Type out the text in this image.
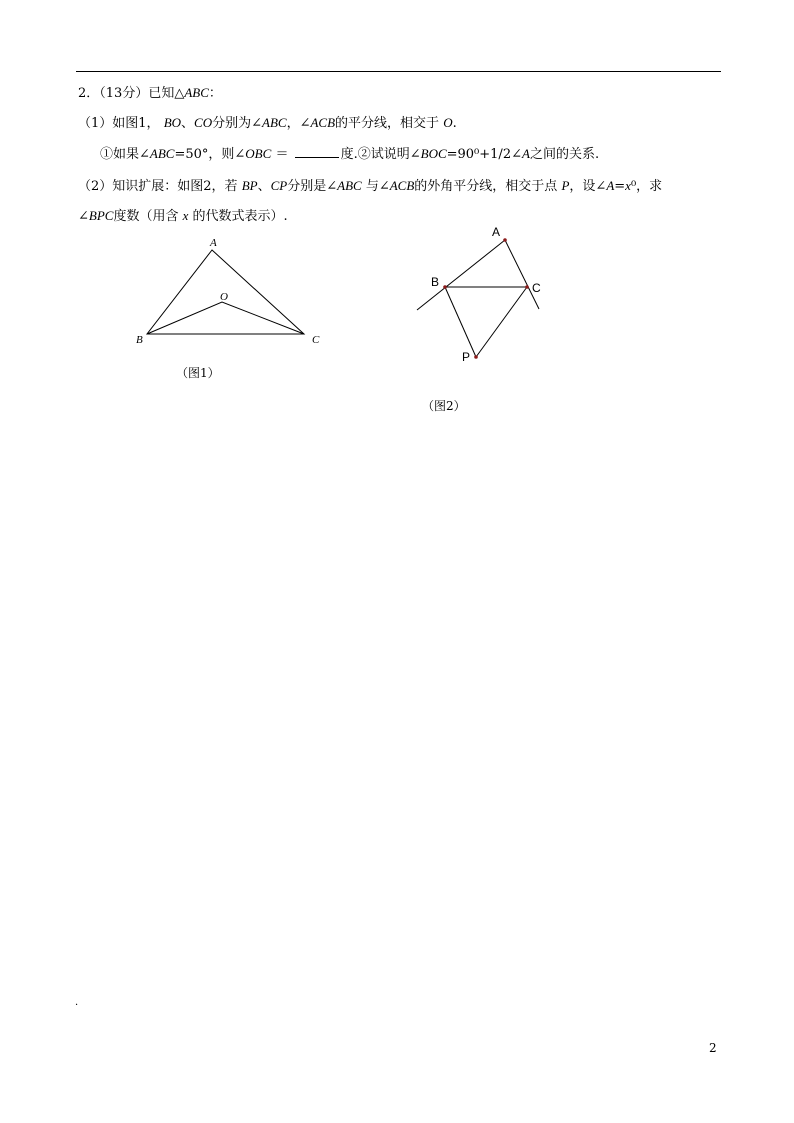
2．（13分）已知△ABC：
（1）如图1， BO、CO分别为∠ABC，∠ACB的平分线，相交于 O.
①如果∠ABC=50°，则∠OBC ＝	度.②试说明∠BOC=90⁰+1/2∠A之间的关系.
（2）知识扩展：如图2，若 BP、CP分别是∠ABC 与∠ACB的外角平分线，相交于点 P，设∠A=x⁰，求
∠BPC度数（用含 x 的代数式表示）.
A
B	C
O
A
B	C
P
（图1）
（图2）
·
2
